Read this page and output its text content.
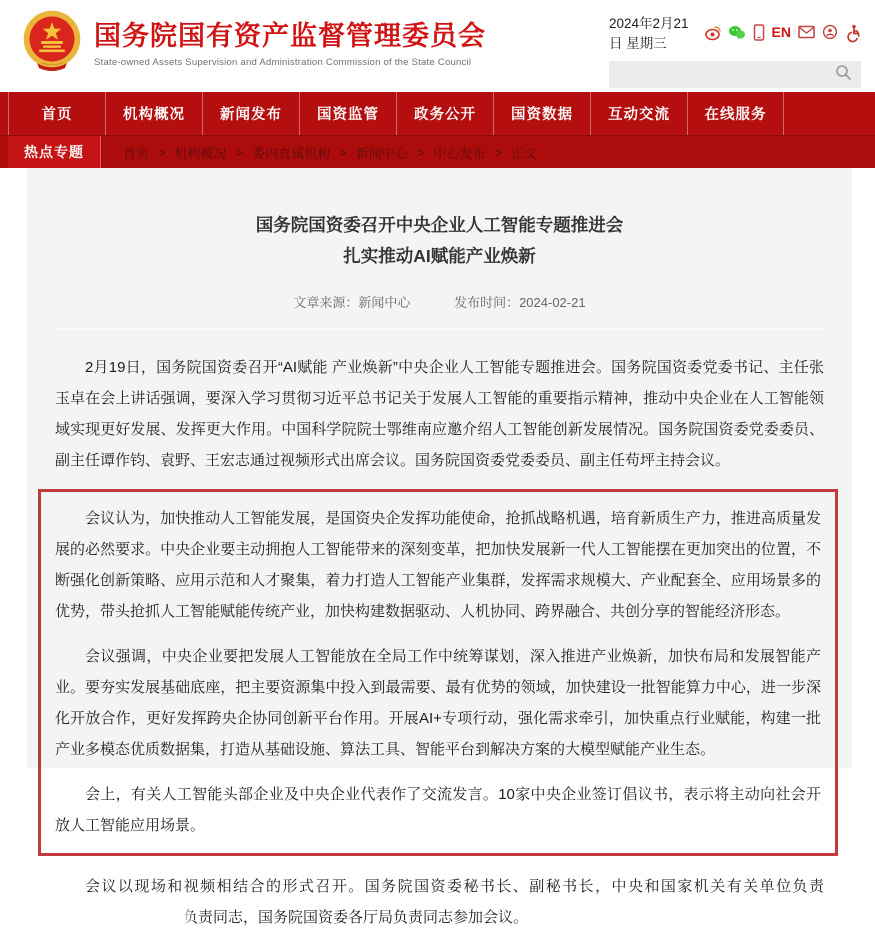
国务院国有资产监督管理委员会
State-owned Assets Supervision and Administration Commission of the State Council
2024年2月21日 星期三
EN
首页	机构概况	新闻发布	国资监管	政务公开	国资数据	互动交流	在线服务
热点专题	首页 > 机构概况 > 委内直属机构 > 新闻中心 > 中心发布 > 正文
国务院国资委召开中央企业人工智能专题推进会
扎实推动AI赋能产业焕新
文章来源：新闻中心	发布时间：2024-02-21

2月19日，国务院国资委召开“AI赋能 产业焕新”中央企业人工智能专题推进会。国务院国资委党委书记、主任张玉卓在会上讲话强调，要深入学习贯彻习近平总书记关于发展人工智能的重要指示精神，推动中央企业在人工智能领域实现更好发展、发挥更大作用。中国科学院院士鄂维南应邀介绍人工智能创新发展情况。国务院国资委党委委员、副主任谭作钧、袁野、王宏志通过视频形式出席会议。国务院国资委党委委员、副主任苟坪主持会议。

会议认为，加快推动人工智能发展，是国资央企发挥功能使命，抢抓战略机遇，培育新质生产力，推进高质量发展的必然要求。中央企业要主动拥抱人工智能带来的深刻变革，把加快发展新一代人工智能摆在更加突出的位置，不断强化创新策略、应用示范和人才聚集，着力打造人工智能产业集群，发挥需求规模大、产业配套全、应用场景多的优势，带头抢抓人工智能赋能传统产业，加快构建数据驱动、人机协同、跨界融合、共创分享的智能经济形态。

会议强调，中央企业要把发展人工智能放在全局工作中统筹谋划，深入推进产业焕新，加快布局和发展智能产业。要夯实发展基础底座，把主要资源集中投入到最需要、最有优势的领域，加快建设一批智能算力中心，进一步深化开放合作，更好发挥跨央企协同创新平台作用。开展AI+专项行动，强化需求牵引，加快重点行业赋能，构建一批产业多模态优质数据集，打造从基础设施、算法工具、智能平台到解决方案的大模型赋能产业生态。

会上，有关人工智能头部企业及中央企业代表作了交流发言。10家中央企业签订倡议书，表示将主动向社会开放人工智能应用场景。

会议以现场和视频相结合的形式召开。国务院国资委秘书长、副秘书长，中央和国家机关有关单位负责负责同志，国务院国资委各厅局负责同志参加会议。
